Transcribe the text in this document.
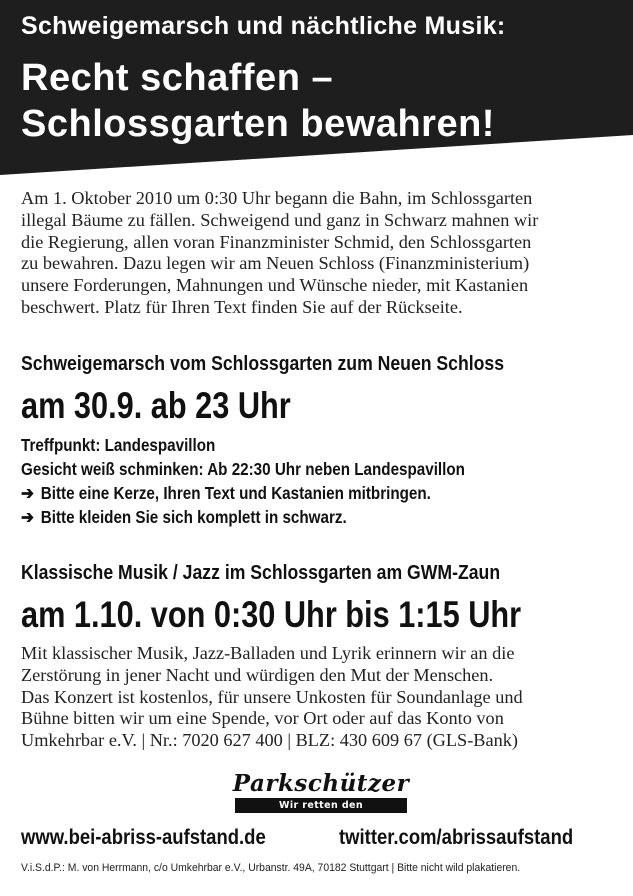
Schweigemarsch und nächtliche Musik:
Recht schaffen –
Schlossgarten bewahren!

Am 1. Oktober 2010 um 0:30 Uhr begann die Bahn, im Schlossgarten

illegal Bäume zu fällen. Schweigend und ganz in Schwarz mahnen wir

die Regierung, allen voran Finanzminister Schmid, den Schlossgarten

zu bewahren. Dazu legen wir am Neuen Schloss (Finanzministerium)

unsere Forderungen, Mahnungen und Wünsche nieder, mit Kastanien

beschwert. Platz für Ihren Text finden Sie auf der Rückseite.

Schweigemarsch vom Schlossgarten zum Neuen Schloss
am 30.9. ab 23 Uhr
Treffpunkt: Landespavillon
Gesicht weiß schminken: Ab 22:30 Uhr neben Landespavillon
➔ Bitte eine Kerze, Ihren Text und Kastanien mitbringen.
➔ Bitte kleiden Sie sich komplett in schwarz.
Klassische Musik / Jazz im Schlossgarten am GWM-Zaun
am 1.10. von 0:30 Uhr bis 1:15 Uhr

Mit klassischer Musik, Jazz-Balladen und Lyrik erinnern wir an die

Zerstörung in jener Nacht und würdigen den Mut der Menschen.

Das Konzert ist kostenlos, für unsere Unkosten für Soundanlage und

Bühne bitten wir um eine Spende, vor Ort oder auf das Konto von

Umkehrbar e.V. | Nr.: 7020 627 400 | BLZ: 430 609 67 (GLS-Bank)

Parkschützer
Wir retten den Schlossgarten!
www.bei-abriss-aufstand.de	twitter.com/abrissaufstand
V.i.S.d.P.: M. von Herrmann, c/o Umkehrbar e.V., Urbanstr. 49A, 70182 Stuttgart | Bitte nicht wild plakatieren.
